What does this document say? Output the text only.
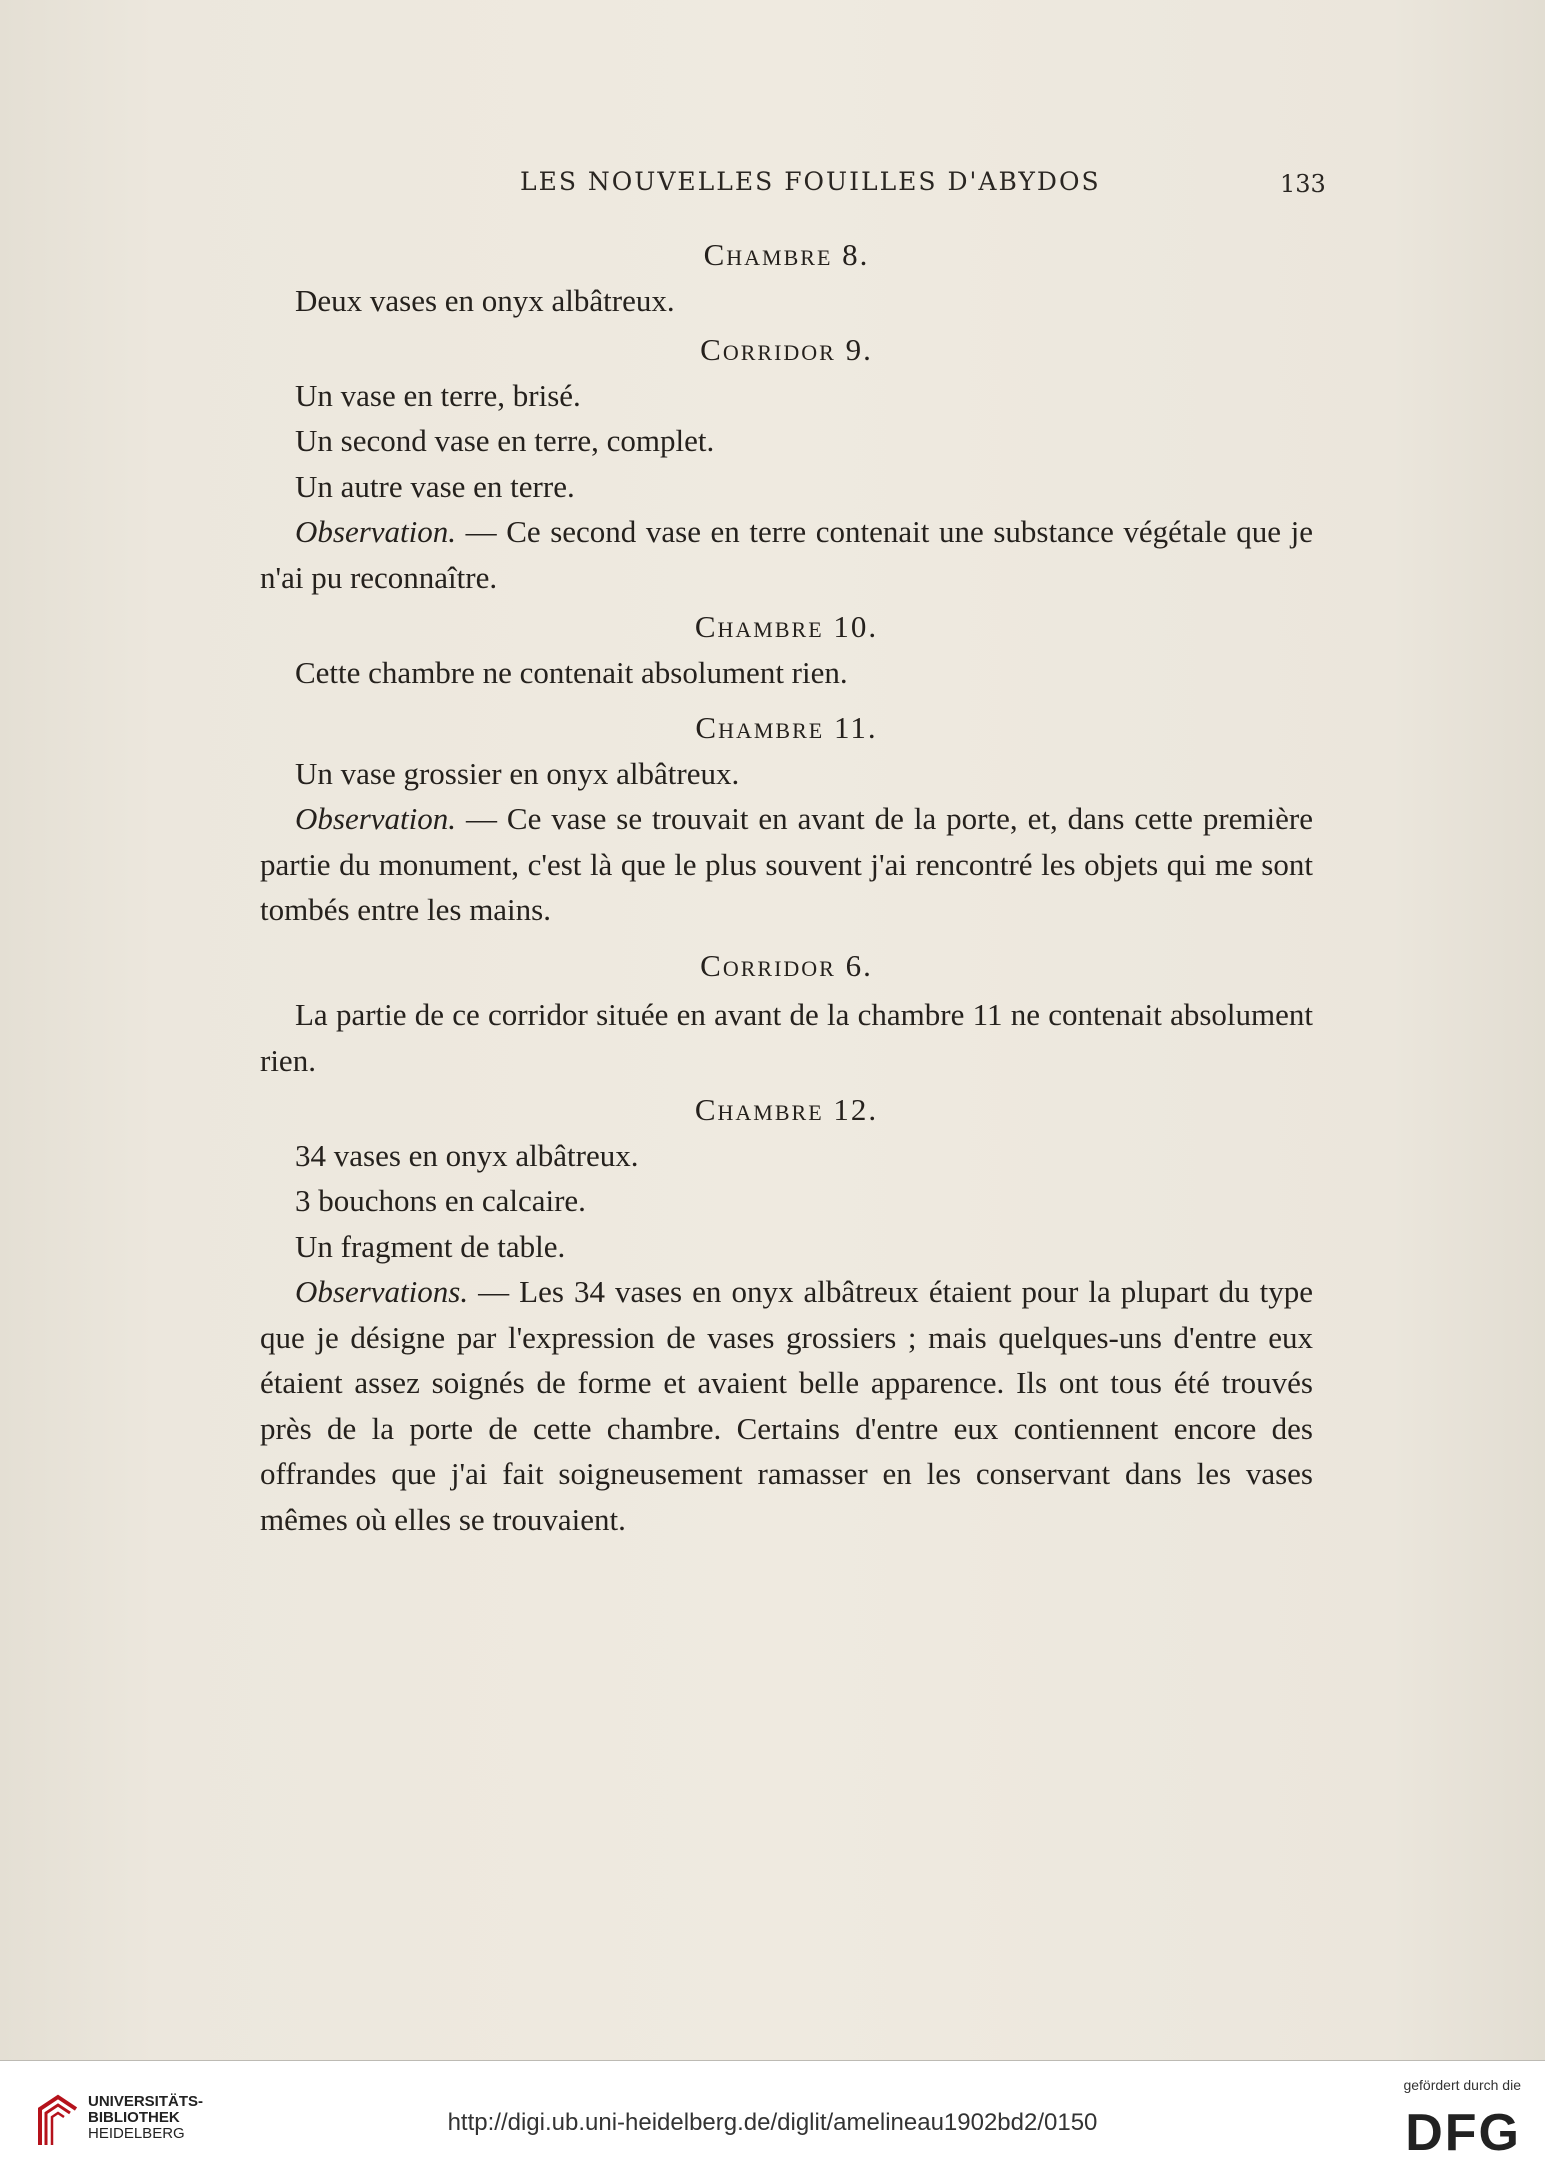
LES NOUVELLES FOUILLES D'ABYDOS	133

Chambre 8.

Deux vases en onyx albâtreux.

Corridor 9.

Un vase en terre, brisé.

Un second vase en terre, complet.

Un autre vase en terre.

Observation. — Ce second vase en terre contenait une substance végétale que je n'ai pu reconnaître.

Chambre 10.

Cette chambre ne contenait absolument rien.

Chambre 11.

Un vase grossier en onyx albâtreux.

Observation. — Ce vase se trouvait en avant de la porte, et, dans cette première partie du monument, c'est là que le plus souvent j'ai rencontré les objets qui me sont tombés entre les mains.

Corridor 6.

La partie de ce corridor située en avant de la chambre 11 ne contenait absolument rien.

Chambre 12.

34 vases en onyx albâtreux.

3 bouchons en calcaire.

Un fragment de table.

Observations. — Les 34 vases en onyx albâtreux étaient pour la plupart du type que je désigne par l'expression de vases grossiers ; mais quelques-uns d'entre eux étaient assez soignés de forme et avaient belle apparence. Ils ont tous été trouvés près de la porte de cette chambre. Certains d'entre eux contiennent encore des offrandes que j'ai fait soigneusement ramasser en les conservant dans les vases mêmes où elles se trouvaient.

UNIVERSITÄTS-
BIBLIOTHEK
HEIDELBERG	http://digi.ub.uni-heidelberg.de/diglit/amelineau1902bd2/0150
gefördert durch die
DFG
